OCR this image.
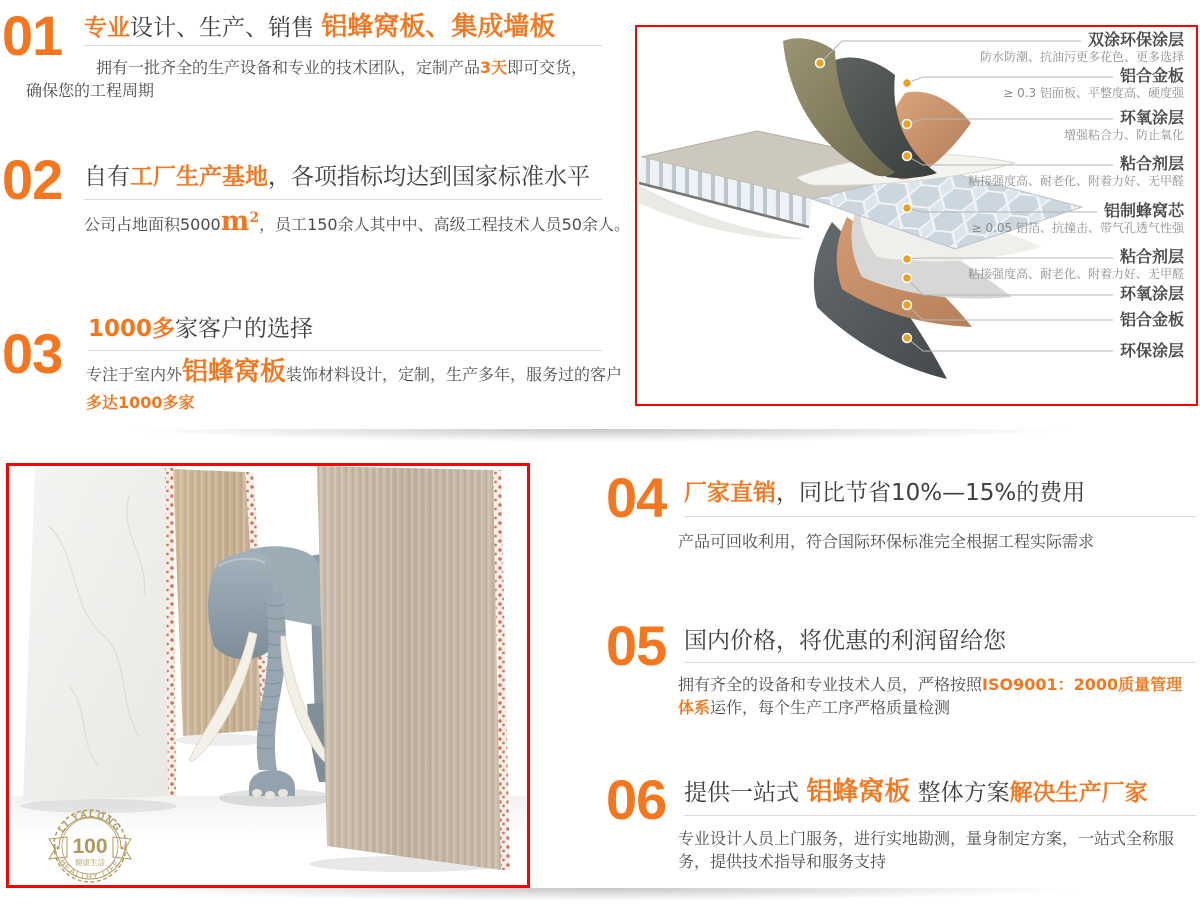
01 专业设计、生产、销售 铝蜂窝板、集成墙板
拥有一批齐全的生产设备和专业的技术团队，定制产品3天即可交货，确保您的工程周期
02 自有工厂生产基地，各项指标均达到国家标准水平
公司占地面积5000m2，员工150余人其中中、高级工程技术人员50余人。
03 1000多家客户的选择
专注于室内外铝蜂窝板装饰材料设计，定制，生产多年，服务过的客户
多达1000多家
04 厂家直销，同比节省10%—15%的费用
产品可回收利用，符合国际环保标准完全根据工程实际需求
05 国内价格，将优惠的利润留给您
拥有齐全的设备和专业技术人员，严格按照ISO9001：2000质量管理体系运作，每个生产工序严格质量检测
06 提供一站式 铝蜂窝板 整体方案解决生产厂家
专业设计人员上门服务，进行实地勘测，量身制定方案，一站式全称服务，提供技术指导和服务支持
双涂环保涂层
防水防潮、抗油污更多花色、更多选择
铝合金板
≥ 0.3 铝面板、平整度高、硬度强
环氧涂层
增强粘合力、防止氧化
粘合剂层
粘接强度高、耐老化、附着力好、无甲醛
铝制蜂窝芯
≥ 0.05 铝箔、抗撞击、带气孔透气性强
粘合剂层
粘接强度高、耐老化、附着力好、无甲醛
环氧涂层
铝合金板
环保涂层
LI YALONG
HEALTHY LIFE
100
健康生活
